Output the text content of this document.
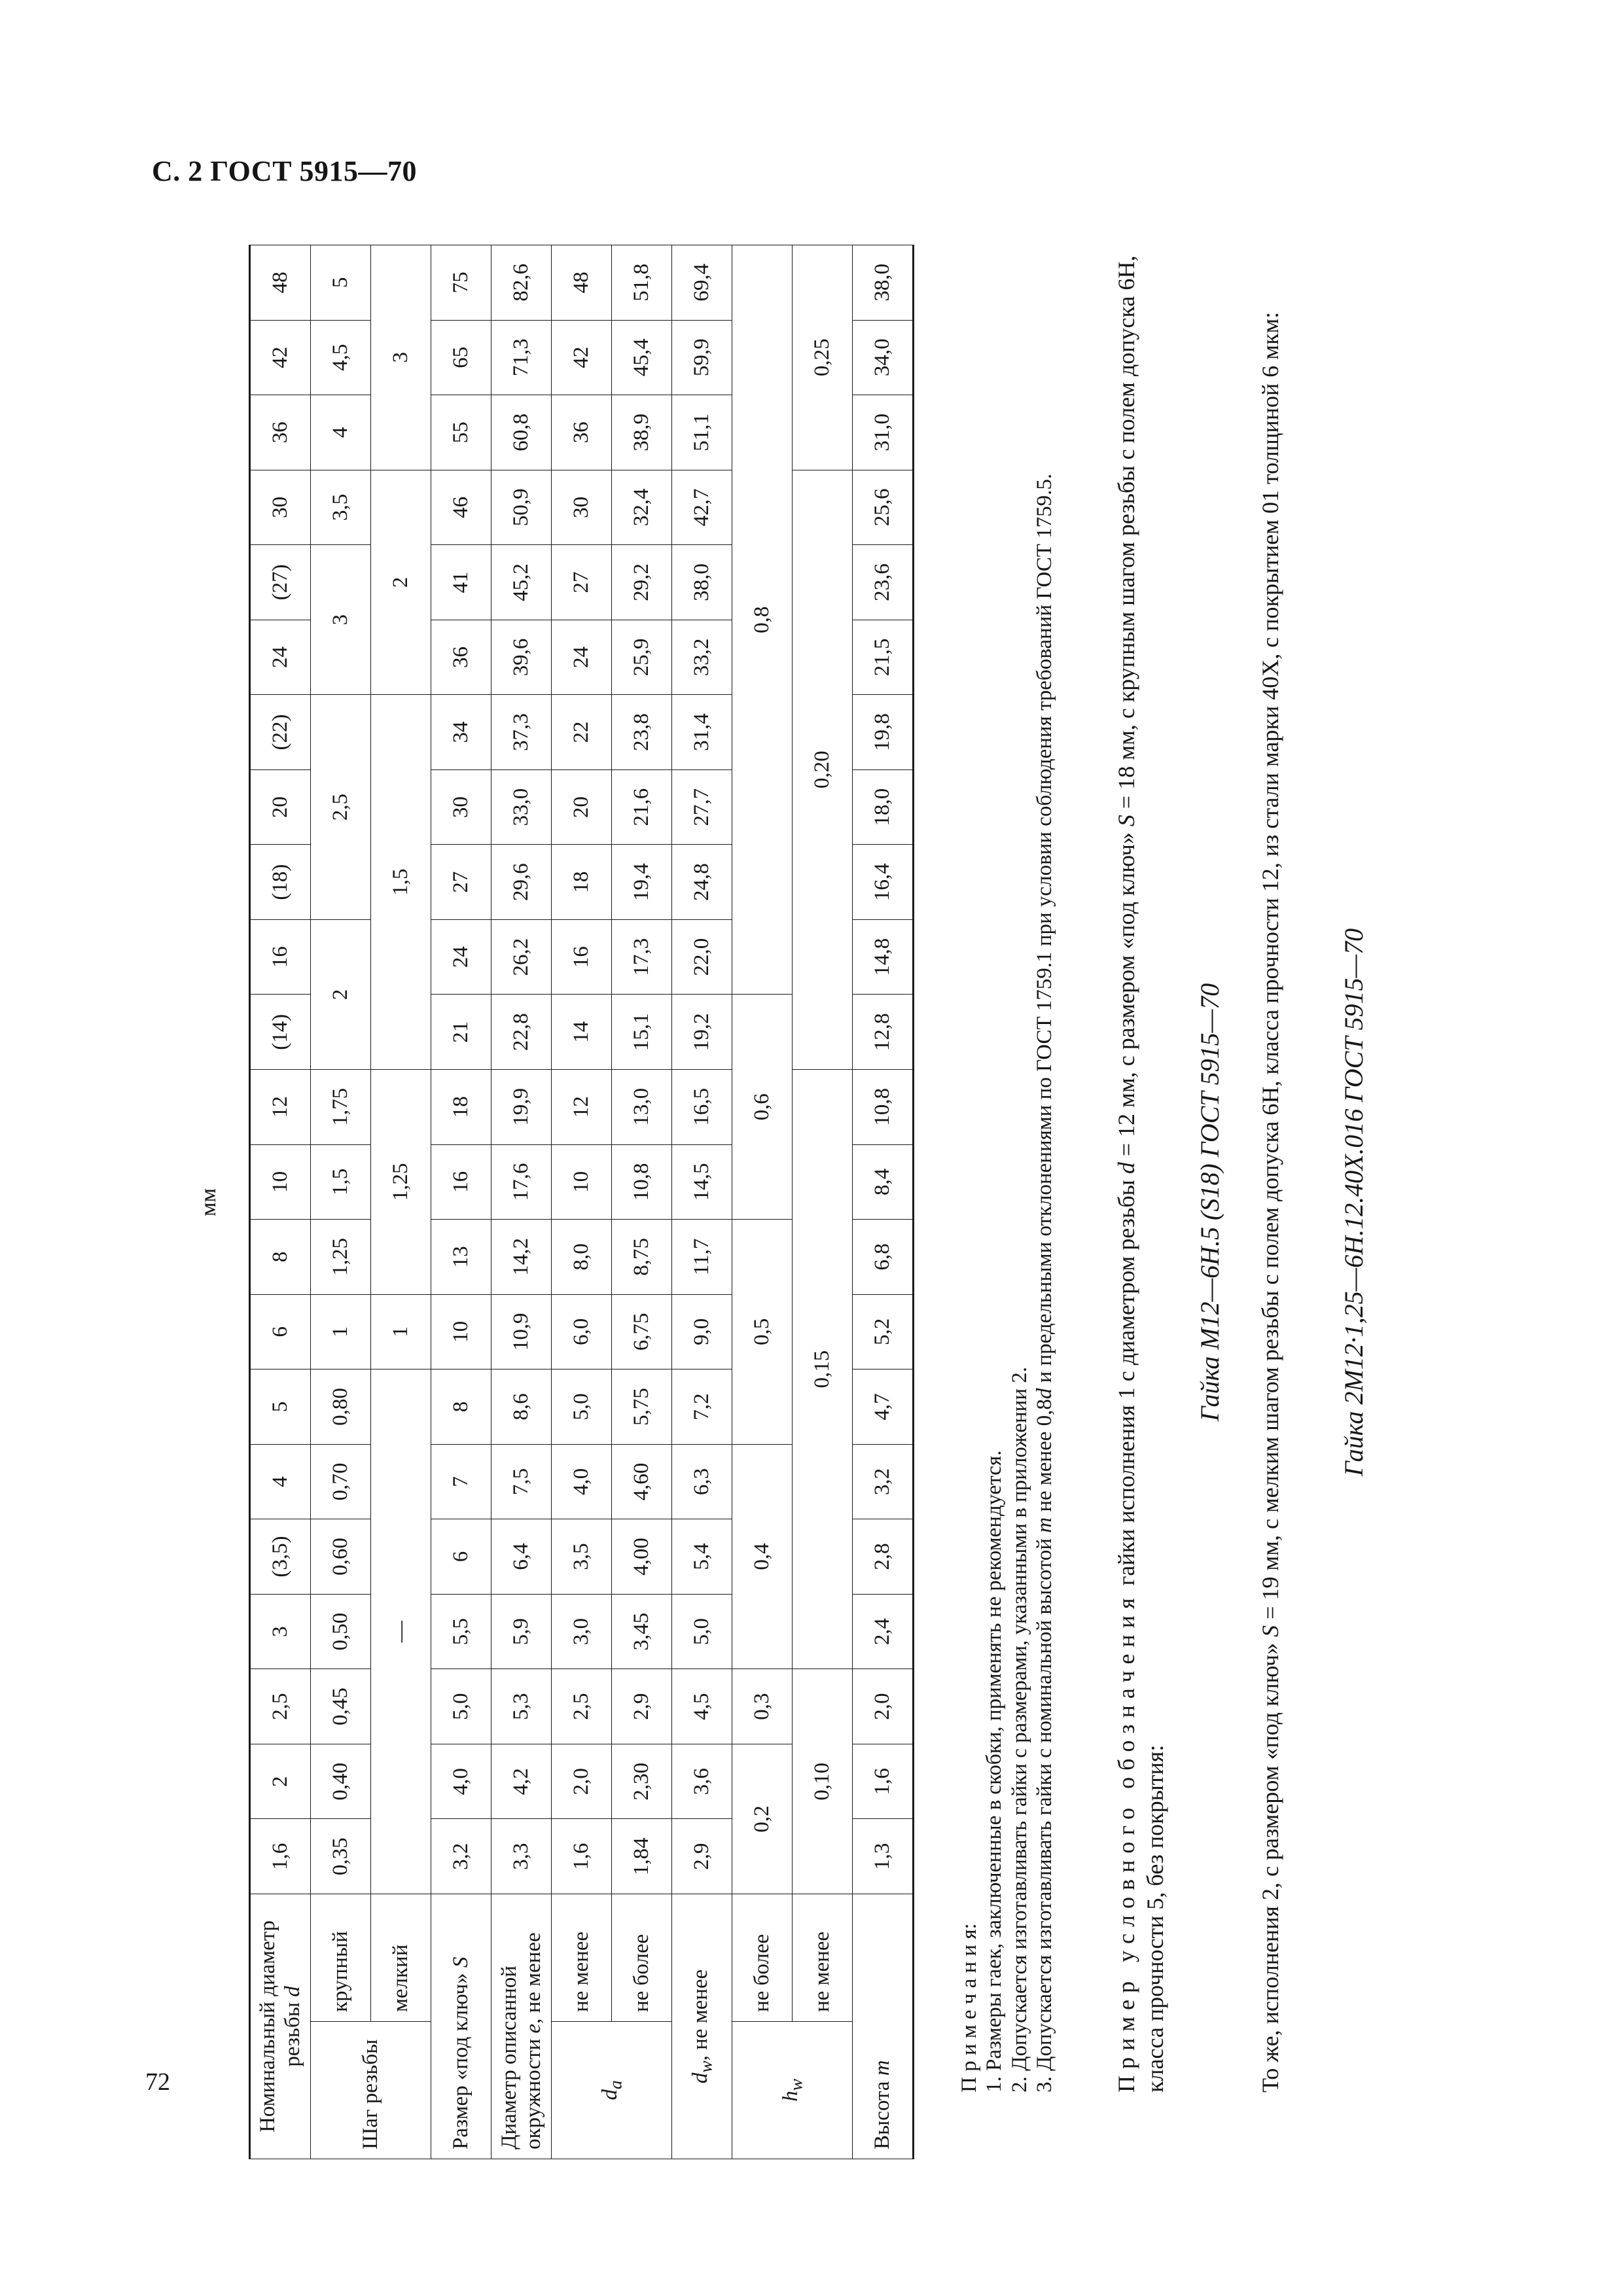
С. 2 ГОСТ 5915—70
72
мм
Номинальный диаметр резьбы d		1,6	2	2,5	3	(3,5)	4	5	6	8	10	12	(14)	16	(18)	20	(22)	24	(27)	30	36	42	48
Шаг резьбы	крупный	0,35	0,40	0,45	0,50	0,60	0,70	0,80	1	1,25	1,5	1,75	2		2,5			3		3,5	4	4,5	5
	мелкий	—							1	1,25			1,5					2			3		
Размер «под ключ» S		3,2	4,0	5,0	5,5	6	7	8	10	13	16	18	21	24	27	30	34	36	41	46	55	65	75
Диаметр описанной окружности e, не менее		3,3	4,2	5,3	5,9	6,4	7,5	8,6	10,9	14,2	17,6	19,9	22,8	26,2	29,6	33,0	37,3	39,6	45,2	50,9	60,8	71,3	82,6
$d_a$	не менее	1,6	2,0	2,5	3,0	3,5	4,0	5,0	6,0	8,0	10	12	14	16	18	20	22	24	27	30	36	42	48
	не более	1,84	2,30	2,9	3,45	4,00	4,60	5,75	6,75	8,75	10,8	13,0	15,1	17,3	19,4	21,6	23,8	25,9	29,2	32,4	38,9	45,4	51,8
$d_w$, не менее		2,9	3,6	4,5	5,0	5,4	6,3	7,2	9,0	11,7	14,5	16,5	19,2	22,0	24,8	27,7	31,4	33,2	38,0	42,7	51,1	59,9	69,4
$h_w$	не более	0,2		0,3	0,4			0,5			0,6			0,8									
	не менее	0,10			0,15								0,20								0,25		
Высота m		1,3	1,6	2,0	2,4	2,8	3,2	4,7	5,2	6,8	8,4	10,8	12,8	14,8	16,4	18,0	19,8	21,5	23,6	25,6	31,0	34,0	38,0

П р и м е ч а н и я: 1. Размеры гаек, заключенные в скобки, применять не рекомендуется. 2. Допускается изготавливать гайки с размерами, указанными в приложении 2. 3. Допускается изготавливать гайки с номинальной высотой m не менее 0,8d и предельными отклонениями по ГОСТ 1759.1 при условии соблюдения требований ГОСТ 1759.5.

Пример условного обозначения гайки исполнения 1 с диаметром резьбы d = 12 мм, с размером «под ключ» S = 18 мм, с крупным шагом резьбы с полем допуска 6Н, класса прочности 5, без покрытия:

Гайка М12—6Н.5 (S18) ГОСТ 5915—70

То же, исполнения 2, с размером «под ключ» S = 19 мм, с мелким шагом резьбы с полем допуска 6Н, класса прочности 12, из стали марки 40Х, с покрытием 01 толщиной 6 мкм: Гайка 2М12·1,25—6Н.12.40Х.016 ГОСТ 5915—70
